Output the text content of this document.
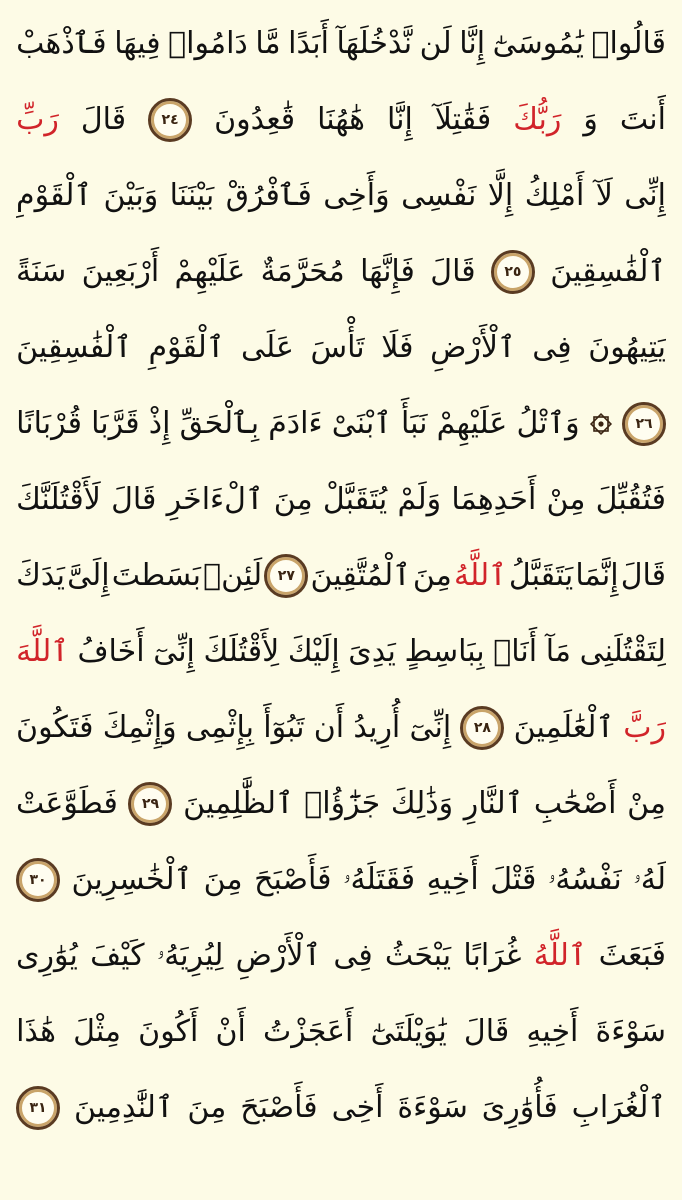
قَالُوا۟
يَٰمُوسَىٰٓ
إِنَّا
لَن
نَّدْخُلَهَآ
أَبَدًا
مَّا
دَامُوا۟
فِيهَا
فَٱذْهَبْ
أَنتَ
وَ
رَبُّكَ
فَقَٰتِلَآ
إِنَّا
هَٰهُنَا
قَٰعِدُونَ
٢٤
قَالَ
رَبِّ
إِنِّى
لَآ
أَمْلِكُ
إِلَّا
نَفْسِى
وَأَخِى
فَٱفْرُقْ
بَيْنَنَا
وَبَيْنَ
ٱلْقَوْمِ
ٱلْفَٰسِقِينَ
٢٥
قَالَ
فَإِنَّهَا
مُحَرَّمَةٌ
عَلَيْهِمْ
أَرْبَعِينَ
سَنَةً
يَتِيهُونَ
فِى
ٱلْأَرْضِ
فَلَا
تَأْسَ
عَلَى
ٱلْقَوْمِ
ٱلْفَٰسِقِينَ
٢٦
وَٱتْلُ
عَلَيْهِمْ
نَبَأَ
ٱبْنَىْ
ءَادَمَ
بِٱلْحَقِّ
إِذْ
قَرَّبَا
قُرْبَانًا
فَتُقُبِّلَ
مِنْ
أَحَدِهِمَا
وَلَمْ
يُتَقَبَّلْ
مِنَ
ٱلْءَاخَرِ
قَالَ
لَأَقْتُلَنَّكَ
قَالَ
إِنَّمَا
يَتَقَبَّلُ
ٱللَّهُ
مِنَ
ٱلْمُتَّقِينَ
٢٧
لَئِنۢ
بَسَطتَ
إِلَىَّ
يَدَكَ
لِتَقْتُلَنِى
مَآ
أَنَا۠
بِبَاسِطٍ
يَدِىَ
إِلَيْكَ
لِأَقْتُلَكَ
إِنِّىٓ
أَخَافُ
ٱللَّهَ
رَبَّ
ٱلْعَٰلَمِينَ
٢٨
إِنِّىٓ
أُرِيدُ
أَن
تَبُوٓأَ
بِإِثْمِى
وَإِثْمِكَ
فَتَكُونَ
مِنْ
أَصْحَٰبِ
ٱلنَّارِ
وَذَٰلِكَ
جَزَٰٓؤُا۟
ٱلظَّٰلِمِينَ
٢٩
فَطَوَّعَتْ
لَهُۥ
نَفْسُهُۥ
قَتْلَ
أَخِيهِ
فَقَتَلَهُۥ
فَأَصْبَحَ
مِنَ
ٱلْخَٰسِرِينَ
٣٠
فَبَعَثَ
ٱللَّهُ
غُرَابًا
يَبْحَثُ
فِى
ٱلْأَرْضِ
لِيُرِيَهُۥ
كَيْفَ
يُوَٰرِى
سَوْءَةَ
أَخِيهِ
قَالَ
يَٰوَيْلَتَىٰٓ
أَعَجَزْتُ
أَنْ
أَكُونَ
مِثْلَ
هَٰذَا
ٱلْغُرَابِ
فَأُوَٰرِىَ
سَوْءَةَ
أَخِى
فَأَصْبَحَ
مِنَ
ٱلنَّٰدِمِينَ
٣١
